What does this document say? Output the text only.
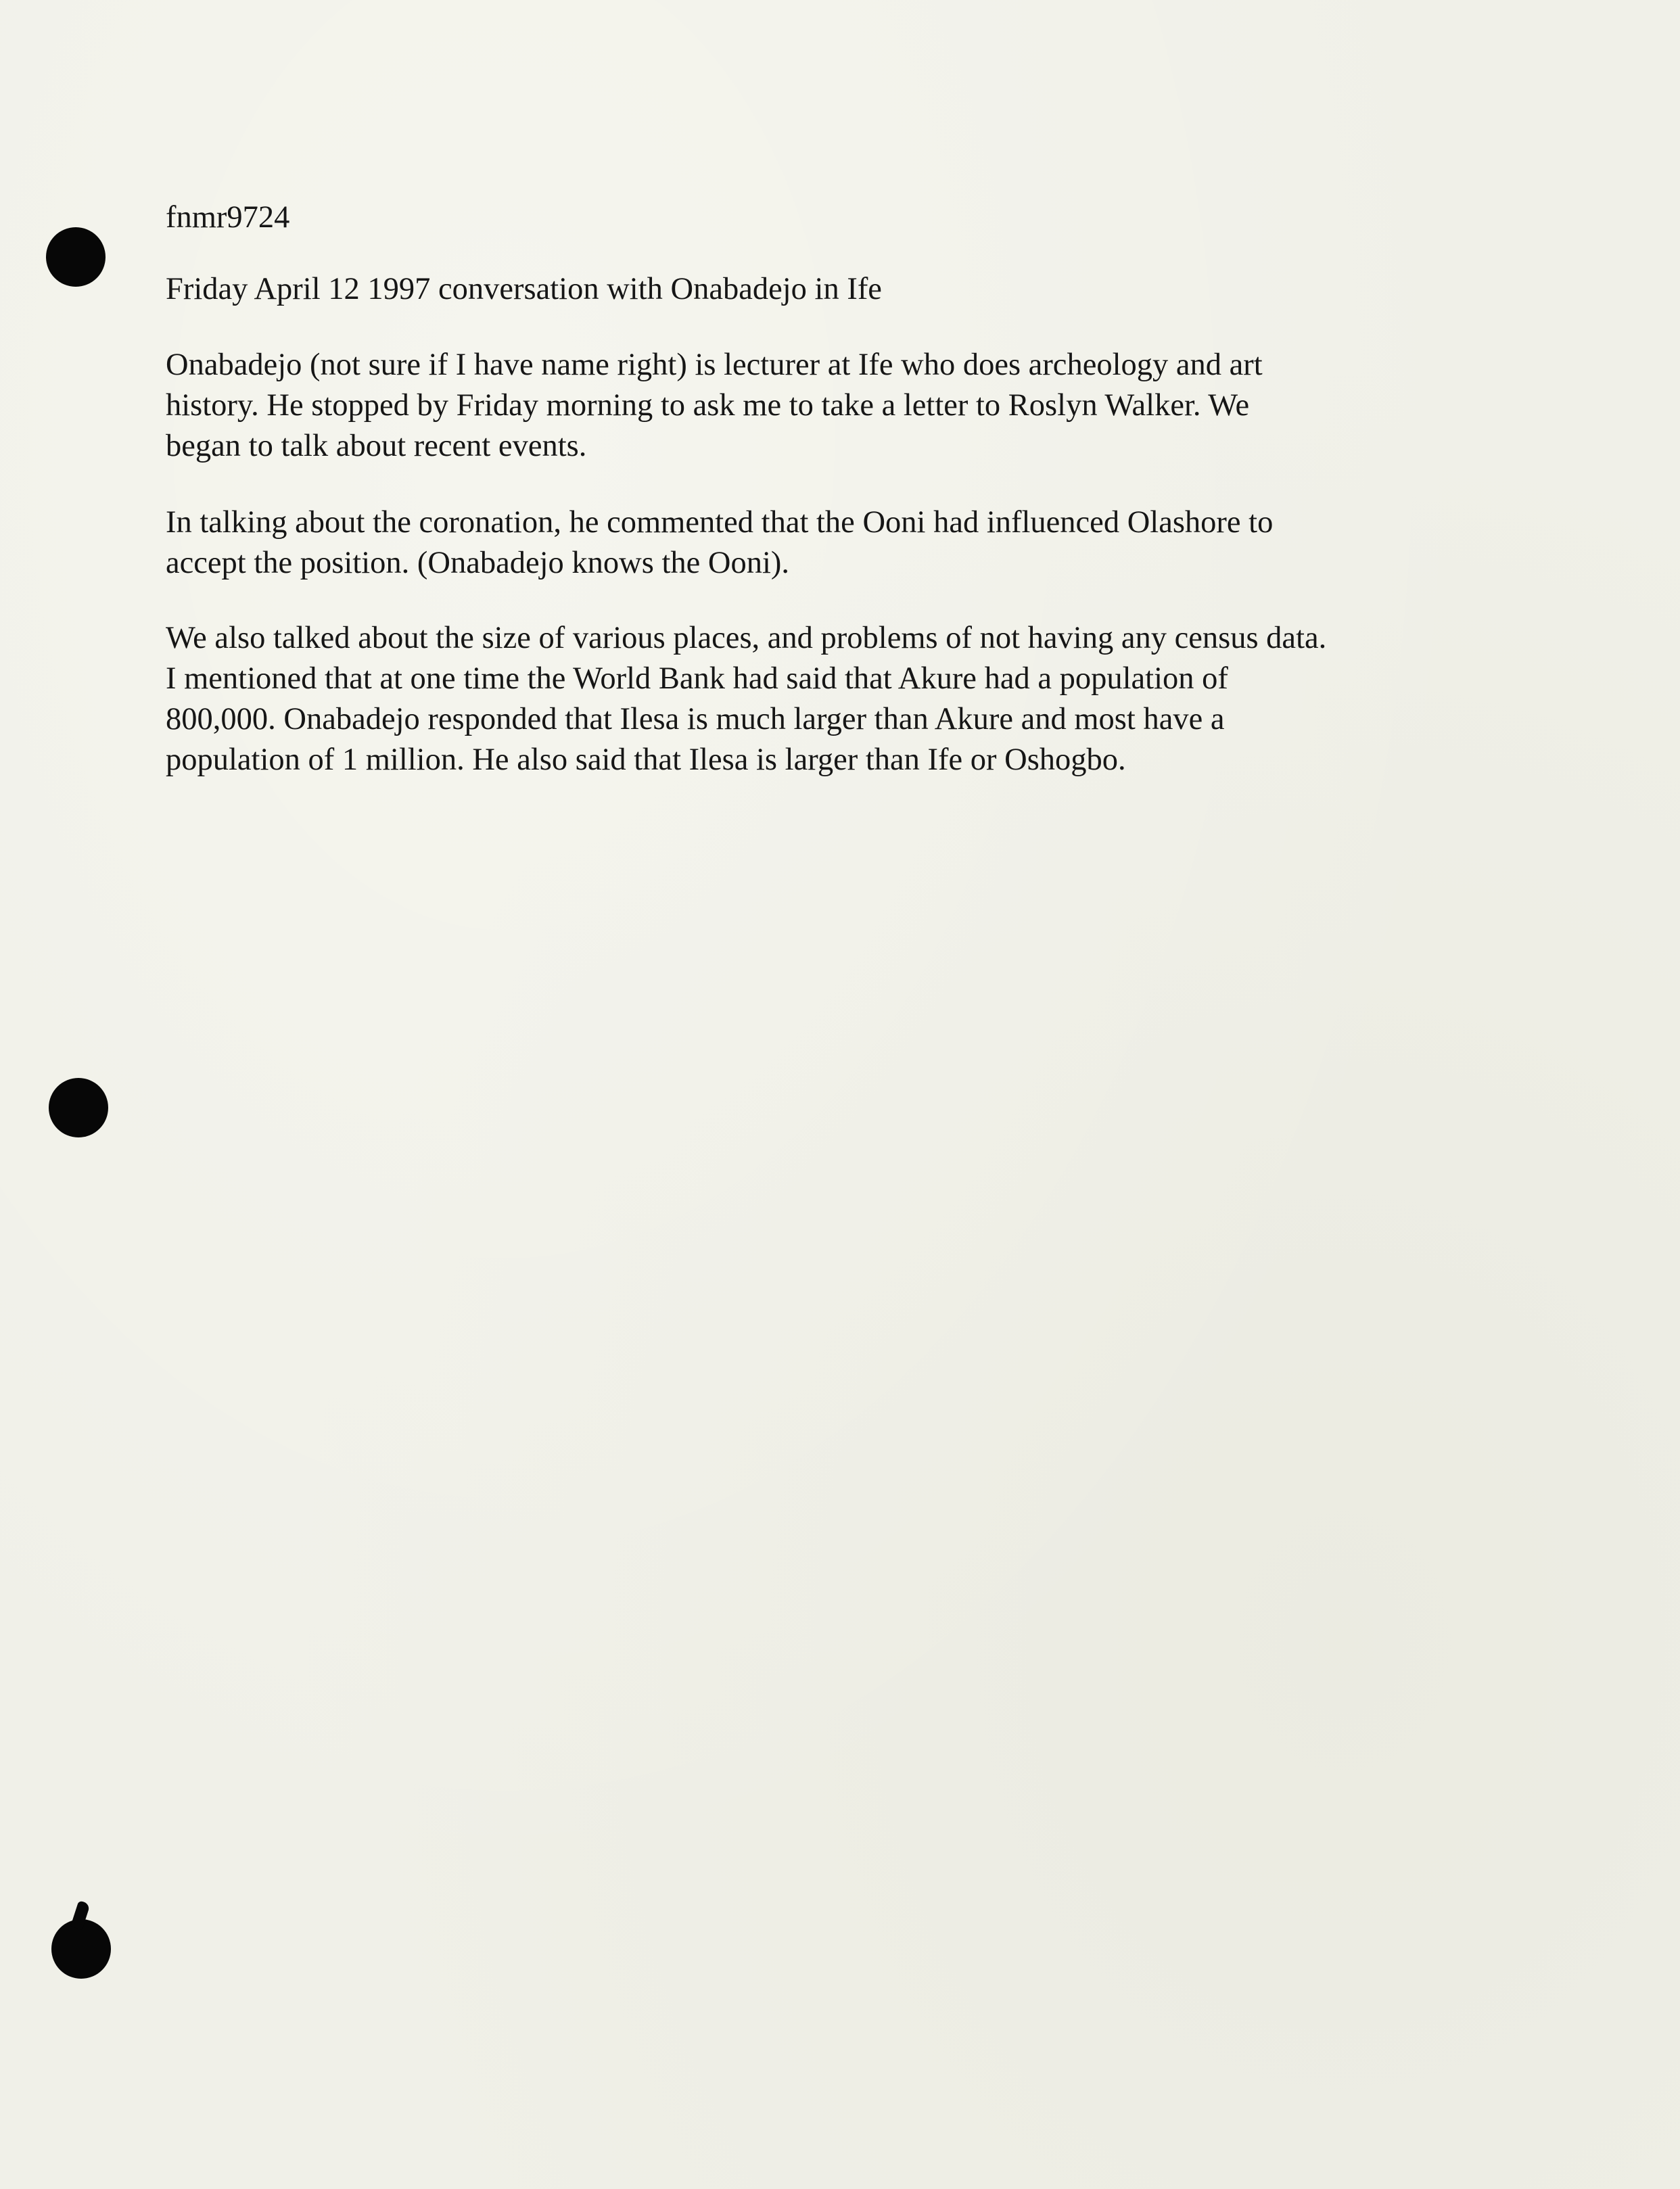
fnmr9724
Friday April 12 1997 conversation with Onabadejo in Ife
Onabadejo (not sure if I have name right) is lecturer at Ife who does archeology and art
history. He stopped by Friday morning to ask me to take a letter to Roslyn Walker. We
began to talk about recent events.
In talking about the coronation, he commented that the Ooni had influenced Olashore to
accept the position. (Onabadejo knows the Ooni).
We also talked about the size of various places, and problems of not having any census data.
I mentioned that at one time the World Bank had said that Akure had a population of
800,000. Onabadejo responded that Ilesa is much larger than Akure and most have a
population of 1 million. He also said that Ilesa is larger than Ife or Oshogbo.
